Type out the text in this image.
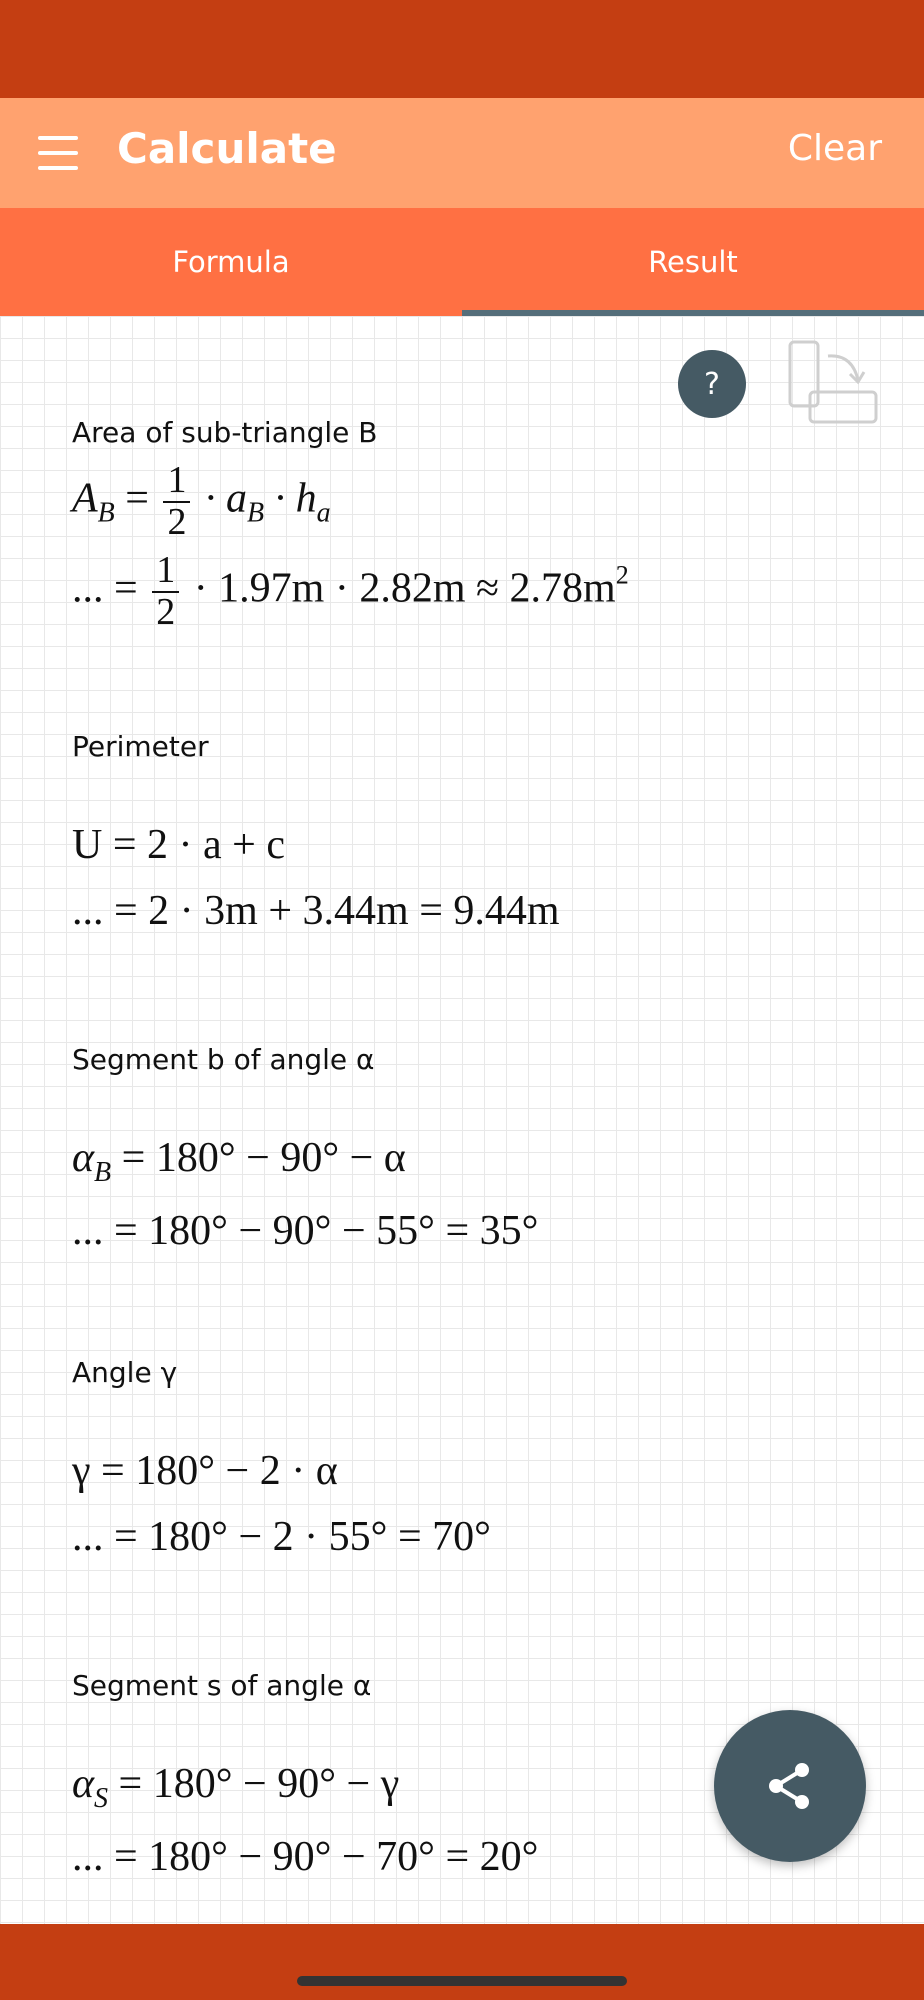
Calculate	Clear
Formula	Result
?
Area of sub-triangle B
$A_B = \frac{1}{2} \cdot a_B \cdot h_a$
... = $\frac{1}{2} \cdot 1.97m \cdot 2.82m \approx 2.78m^2$
Perimeter
U = 2 · a + c
... = 2 · 3m + 3.44m = 9.44m
Segment b of angle α
$\alpha_B = 180^\circ - 90^\circ - \alpha$
... = 180° − 90° − 55° = 35°
Angle γ
γ = 180° − 2 · α
... = 180° − 2 · 55° = 70°
Segment s of angle α
$\alpha_S = 180^\circ - 90^\circ - \gamma$
... = 180° − 90° − 70° = 20°
